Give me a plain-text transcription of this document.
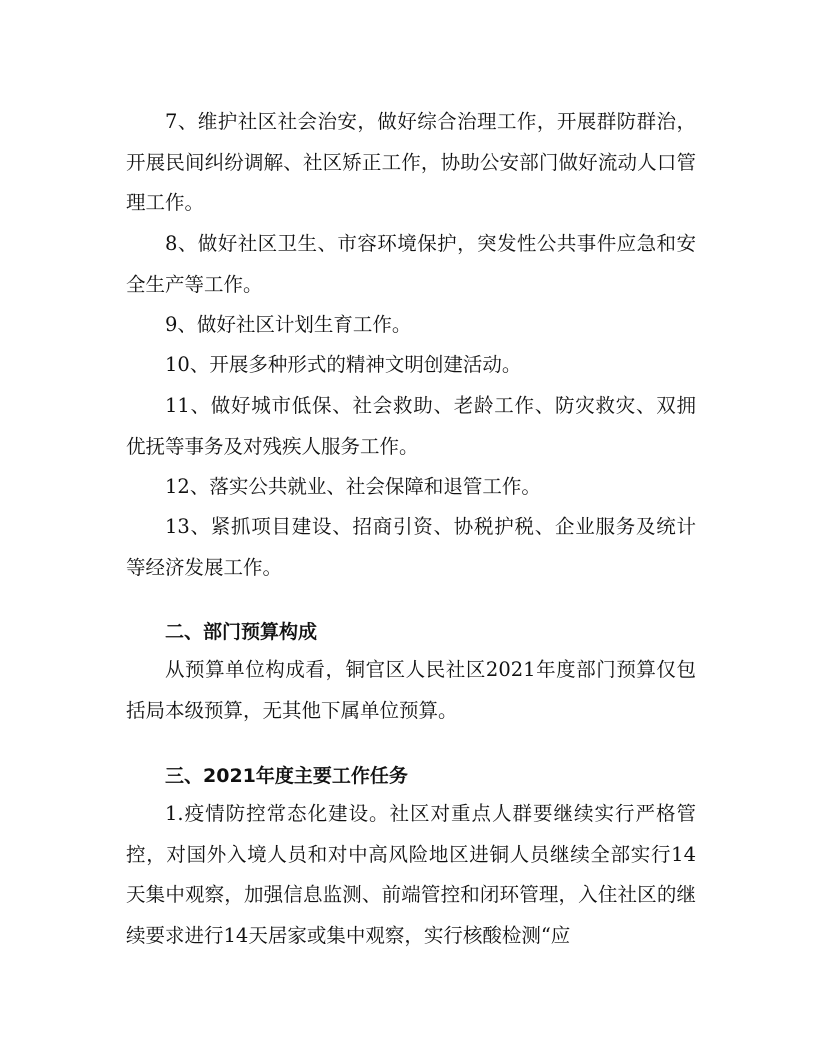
7、维护社区社会治安，做好综合治理工作，开展群防群治，开展民间纠纷调解、社区矫正工作，协助公安部门做好流动人口管理工作。

8、做好社区卫生、市容环境保护，突发性公共事件应急和安全生产等工作。

9、做好社区计划生育工作。

10、开展多种形式的精神文明创建活动。

11、做好城市低保、社会救助、老龄工作、防灾救灾、双拥优抚等事务及对残疾人服务工作。

12、落实公共就业、社会保障和退管工作。

13、紧抓项目建设、招商引资、协税护税、企业服务及统计等经济发展工作。

二、部门预算构成

从预算单位构成看，铜官区人民社区2021年度部门预算仅包括局本级预算，无其他下属单位预算。

三、2021年度主要工作任务

1.疫情防控常态化建设。社区对重点人群要继续实行严格管控，对国外入境人员和对中高风险地区进铜人员继续全部实行14天集中观察，加强信息监测、前端管控和闭环管理，入住社区的继续要求进行14天居家或集中观察，实行核酸检测“应
